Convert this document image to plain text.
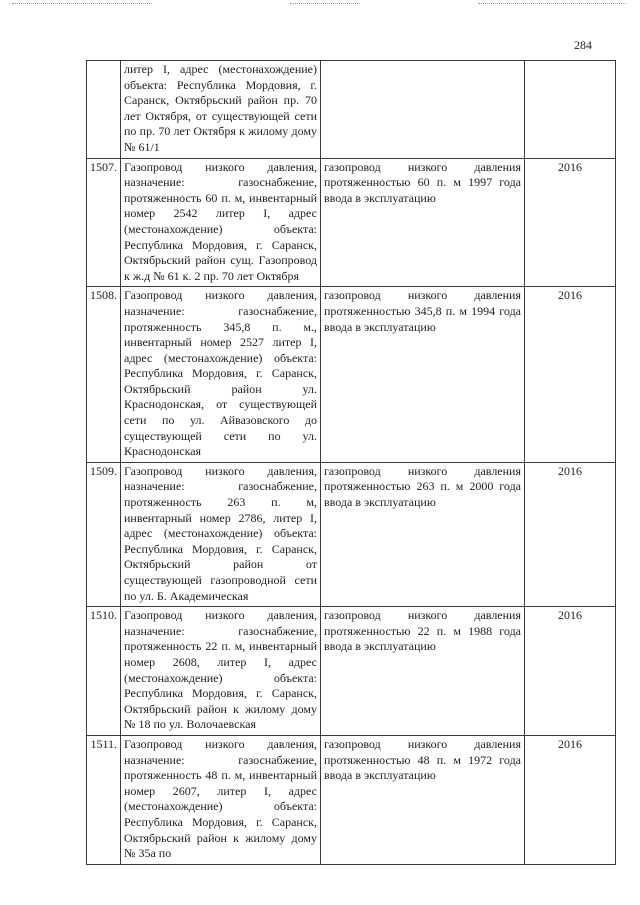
284
	литер I, адрес (местонахождение) объекта: Республика Мордовия, г. Саранск, Октябрьский район пр. 70 лет Октября, от существующей сети по пр. 70 лет Октября к жилому дому № 61/1		
1507.	Газопровод низкого давления, назначение: газоснабжение, протяженность 60 п. м, инвентарный номер 2542 литер I, адрес (местонахождение) объекта: Республика Мордовия, г. Саранск, Октябрьский район сущ. Газопровод к ж.д № 61 к. 2 пр. 70 лет Октября	газопровод низкого давления протяженностью 60 п. м 1997 года ввода в эксплуатацию	2016
1508.	Газопровод низкого давления, назначение: газоснабжение, протяженность 345,8 п. м., инвентарный номер 2527 литер I, адрес (местонахождение) объекта: Республика Мордовия, г. Саранск, Октябрьский район ул. Краснодонская, от существующей сети по ул. Айвазовского до существующей сети по ул. Краснодонская	газопровод низкого давления протяженностью 345,8 п. м 1994 года ввода в эксплуатацию	2016
1509.	Газопровод низкого давления, назначение: газоснабжение, протяженность 263 п. м, инвентарный номер 2786, литер I, адрес (местонахождение) объекта: Республика Мордовия, г. Саранск, Октябрьский район от существующей газопроводной сети по ул. Б. Академическая	газопровод низкого давления протяженностью 263 п. м 2000 года ввода в эксплуатацию	2016
1510.	Газопровод низкого давления, назначение: газоснабжение, протяженность 22 п. м, инвентарный номер 2608, литер I, адрес (местонахождение) объекта: Республика Мордовия, г. Саранск, Октябрьский район к жилому дому № 18 по ул. Волочаевская	газопровод низкого давления протяженностью 22 п. м 1988 года ввода в эксплуатацию	2016
1511.	Газопровод низкого давления, назначение: газоснабжение, протяженность 48 п. м, инвентарный номер 2607, литер I, адрес (местонахождение) объекта: Республика Мордовия, г. Саранск, Октябрьский район к жилому дому № 35а по	газопровод низкого давления протяженностью 48 п. м 1972 года ввода в эксплуатацию	2016
